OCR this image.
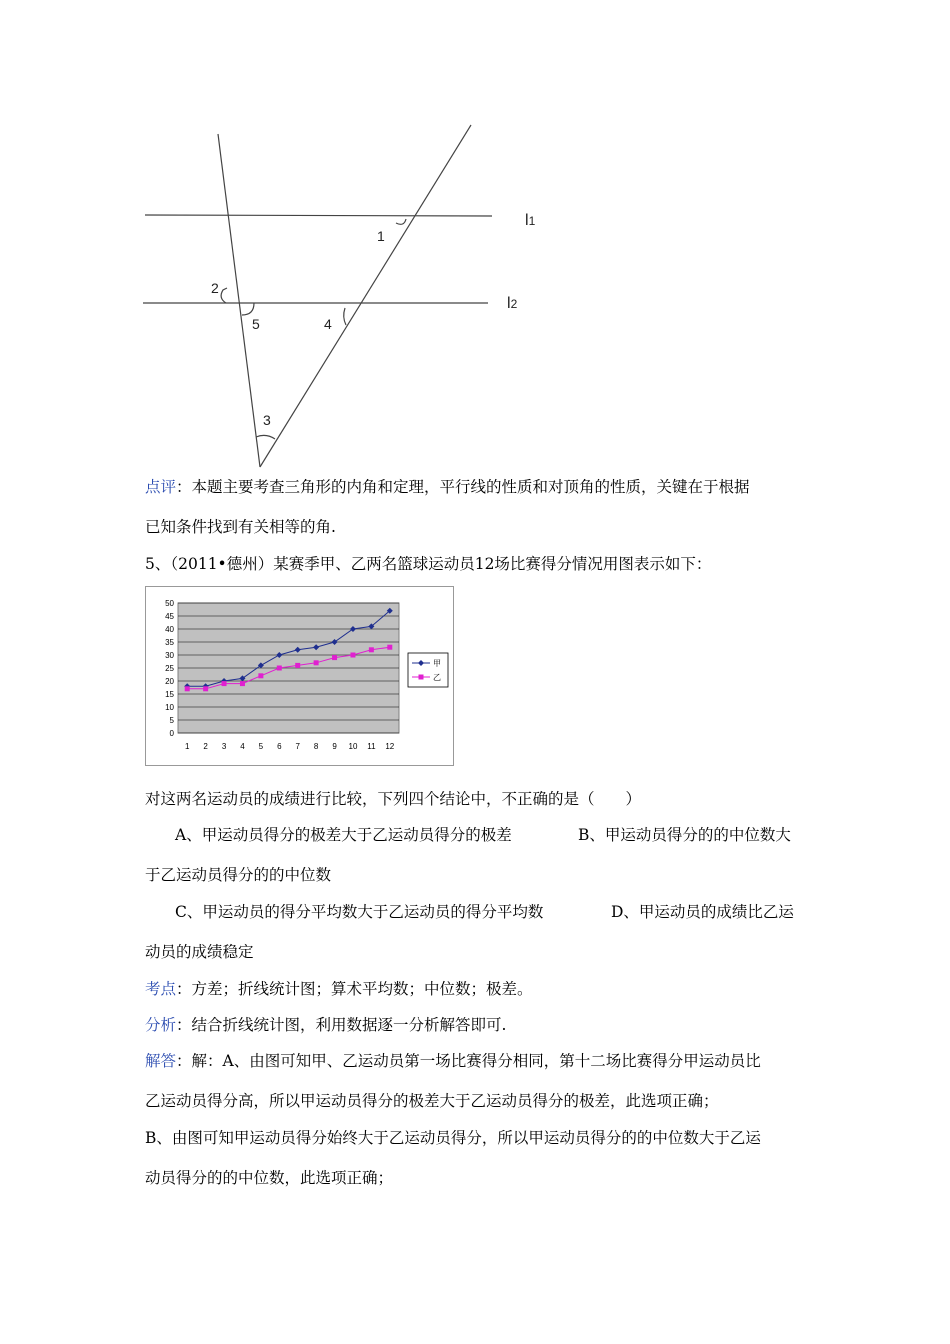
1
2
3
4
5
l1
l2
点评：本题主要考查三角形的内角和定理，平行线的性质和对顶角的性质，关键在于根据
已知条件找到有关相等的角.
5、（2011•德州）某赛季甲、乙两名篮球运动员12场比赛得分情况用图表示如下：
0
5
10
15
20
25
30
35
40
45
50
1 2 3 4 5 6 7 8 9 10 11 12
甲
乙
对这两名运动员的成绩进行比较，下列四个结论中，不正确的是（　　）
A、甲运动员得分的极差大于乙运动员得分的极差	B、甲运动员得分的的中位数大
于乙运动员得分的的中位数
C、甲运动员的得分平均数大于乙运动员的得分平均数	D、甲运动员的成绩比乙运
动员的成绩稳定
考点：方差；折线统计图；算术平均数；中位数；极差。
分析：结合折线统计图，利用数据逐一分析解答即可.
解答：解：A、由图可知甲、乙运动员第一场比赛得分相同，第十二场比赛得分甲运动员比
乙运动员得分高，所以甲运动员得分的极差大于乙运动员得分的极差，此选项正确；
B、由图可知甲运动员得分始终大于乙运动员得分，所以甲运动员得分的的中位数大于乙运
动员得分的的中位数，此选项正确；
